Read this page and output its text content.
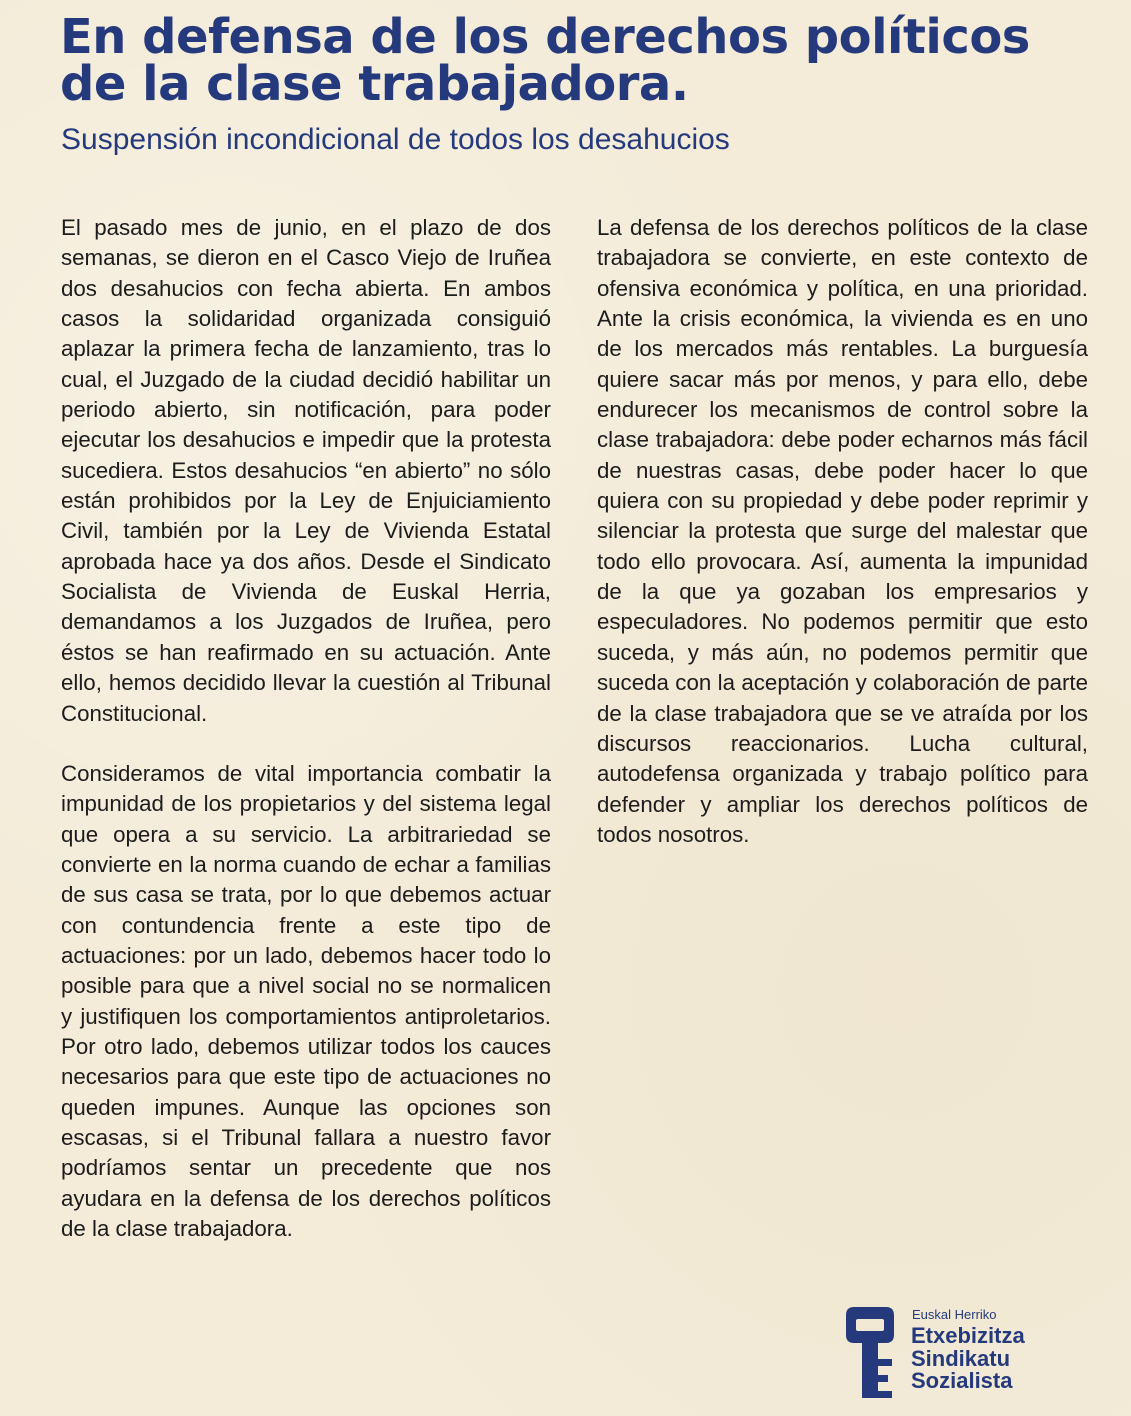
En defensa de los derechos políticos de la clase trabajadora.
Suspensión incondicional de todos los desahucios

El pasado mes de junio, en el plazo de dos semanas, se dieron en el Casco Viejo de Iruñea dos desahucios con fecha abierta. En ambos casos la solidaridad organizada consiguió aplazar la primera fecha de lanzamiento, tras lo cual, el Juzgado de la ciudad decidió habilitar un periodo abierto, sin notificación, para poder ejecutar los desahucios e impedir que la protesta sucediera. Estos desahucios “en abierto” no sólo están prohibidos por la Ley de Enjuiciamiento Civil, también por la Ley de Vivienda Estatal aprobada hace ya dos años. Desde el Sindicato Socialista de Vivienda de Euskal Herria, demandamos a los Juzgados de Iruñea, pero éstos se han reafirmado en su actuación. Ante ello, hemos decidido llevar la cuestión al Tribunal Constitucional.

Consideramos de vital importancia combatir la impunidad de los propietarios y del sistema legal que opera a su servicio. La arbitrariedad se convierte en la norma cuando de echar a familias de sus casa se trata, por lo que debemos actuar con contundencia frente a este tipo de actuaciones: por un lado, debemos hacer todo lo posible para que a nivel social no se normalicen y justifiquen los comportamientos antiproletarios. Por otro lado, debemos utilizar todos los cauces necesarios para que este tipo de actuaciones no queden impunes. Aunque las opciones son escasas, si el Tribunal fallara a nuestro favor podríamos sentar un precedente que nos ayudara en la defensa de los derechos políticos de la clase trabajadora.

La defensa de los derechos políticos de la clase trabajadora se convierte, en este contexto de ofensiva económica y política, en una prioridad. Ante la crisis económica, la vivienda es en uno de los mercados más rentables. La burguesía quiere sacar más por menos, y para ello, debe endurecer los mecanismos de control sobre la clase trabajadora: debe poder echarnos más fácil de nuestras casas, debe poder hacer lo que quiera con su propiedad y debe poder reprimir y silenciar la protesta que surge del malestar que todo ello provocara. Así, aumenta la impunidad de la que ya gozaban los empresarios y especuladores. No podemos permitir que esto suceda, y más aún, no podemos permitir que suceda con la aceptación y colaboración de parte de la clase trabajadora que se ve atraída por los discursos reaccionarios. Lucha cultural, autodefensa organizada y trabajo político para defender y ampliar los derechos políticos de todos nosotros.

Euskal Herriko
Etxebizitza
Sindikatu
Sozialista
